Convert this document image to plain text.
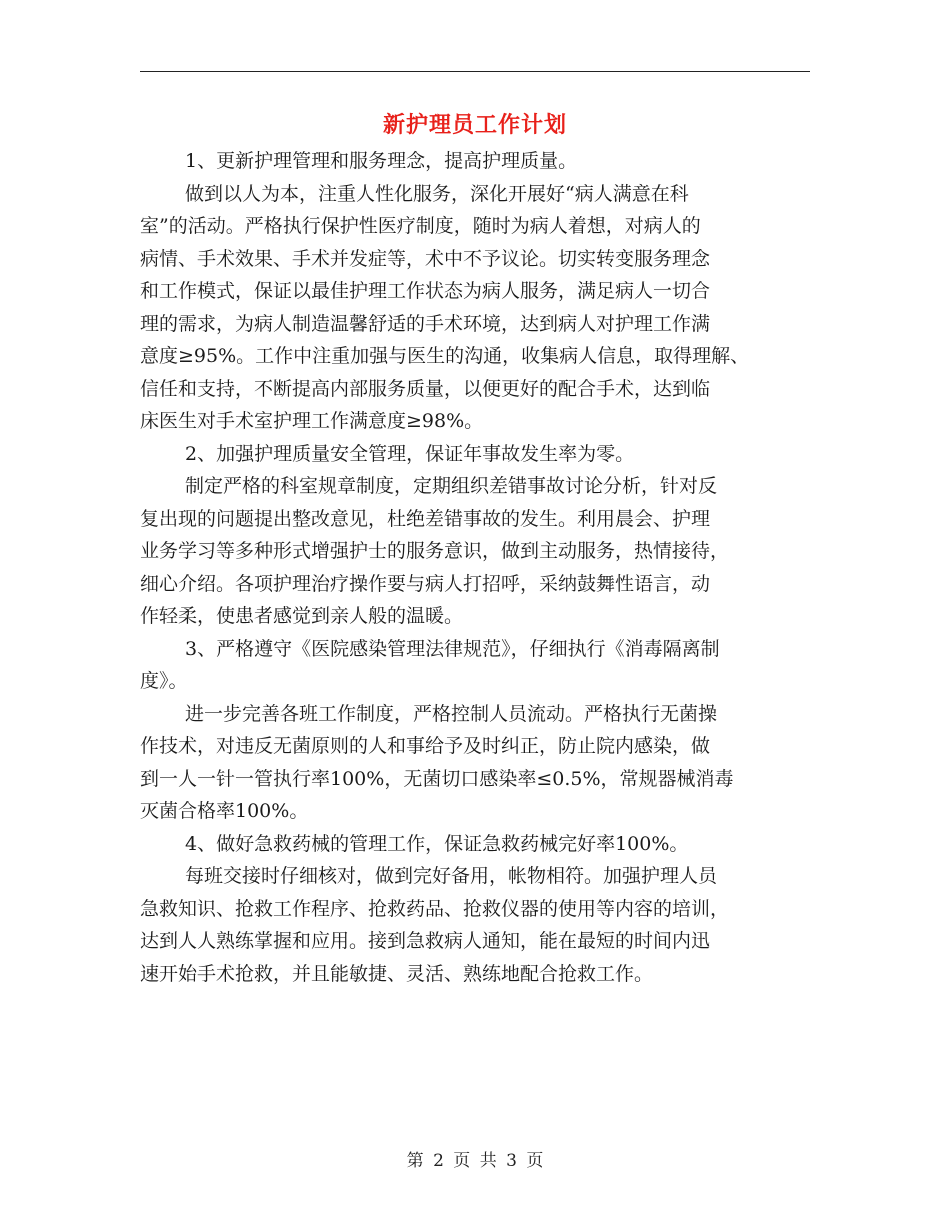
新护理员工作计划
1、更新护理管理和服务理念，提高护理质量。
做到以人为本，注重人性化服务，深化开展好“病人满意在科
室”的活动。严格执行保护性医疗制度，随时为病人着想，对病人的
病情、手术效果、手术并发症等，术中不予议论。切实转变服务理念
和工作模式，保证以最佳护理工作状态为病人服务，满足病人一切合
理的需求，为病人制造温馨舒适的手术环境，达到病人对护理工作满
意度≥95%。工作中注重加强与医生的沟通，收集病人信息，取得理解、
信任和支持，不断提高内部服务质量，以便更好的配合手术，达到临
床医生对手术室护理工作满意度≥98%。
2、加强护理质量安全管理，保证年事故发生率为零。
制定严格的科室规章制度，定期组织差错事故讨论分析，针对反
复出现的问题提出整改意见，杜绝差错事故的发生。利用晨会、护理
业务学习等多种形式增强护士的服务意识，做到主动服务，热情接待，
细心介绍。各项护理治疗操作要与病人打招呼，采纳鼓舞性语言，动
作轻柔，使患者感觉到亲人般的温暖。
3、严格遵守《医院感染管理法律规范》，仔细执行《消毒隔离制
度》。
进一步完善各班工作制度，严格控制人员流动。严格执行无菌操
作技术，对违反无菌原则的人和事给予及时纠正，防止院内感染，做
到一人一针一管执行率100%，无菌切口感染率≤0.5%，常规器械消毒
灭菌合格率100%。
4、做好急救药械的管理工作，保证急救药械完好率100%。
每班交接时仔细核对，做到完好备用，帐物相符。加强护理人员
急救知识、抢救工作程序、抢救药品、抢救仪器的使用等内容的培训，
达到人人熟练掌握和应用。接到急救病人通知，能在最短的时间内迅
速开始手术抢救，并且能敏捷、灵活、熟练地配合抢救工作。
第 2 页 共 3 页
